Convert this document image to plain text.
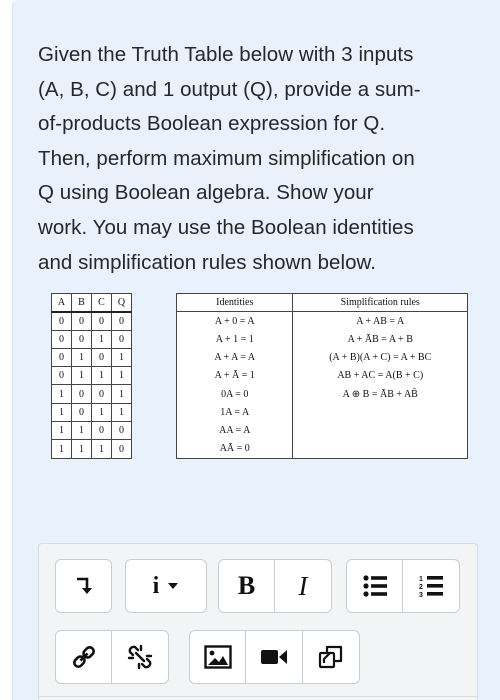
Given the Truth Table below with 3 inputs
(A, B, C) and 1 output (Q), provide a sum-
of-products Boolean expression for Q.
Then, perform maximum simplification on
Q using Boolean algebra. Show your
work. You may use the Boolean identities
and simplification rules shown below.
A	B	C	Q
0	0	0	0
0	0	1	0
0	1	0	1
0	1	1	1
1	0	0	1
1	0	1	1
1	1	0	0
1	1	1	0
Identities	Simplification rules
A + 0 = A	A + AB = A
A + 1 = 1	A + ĀB = A + B
A + A = A	(A + B)(A + C) = A + BC
A + Ā = 1	AB + AC = A(B + C)
0A = 0	A ⊕ B = ĀB + AB̄
1A = A	
AA = A	
AĀ = 0	
i	B I	1
2
3
